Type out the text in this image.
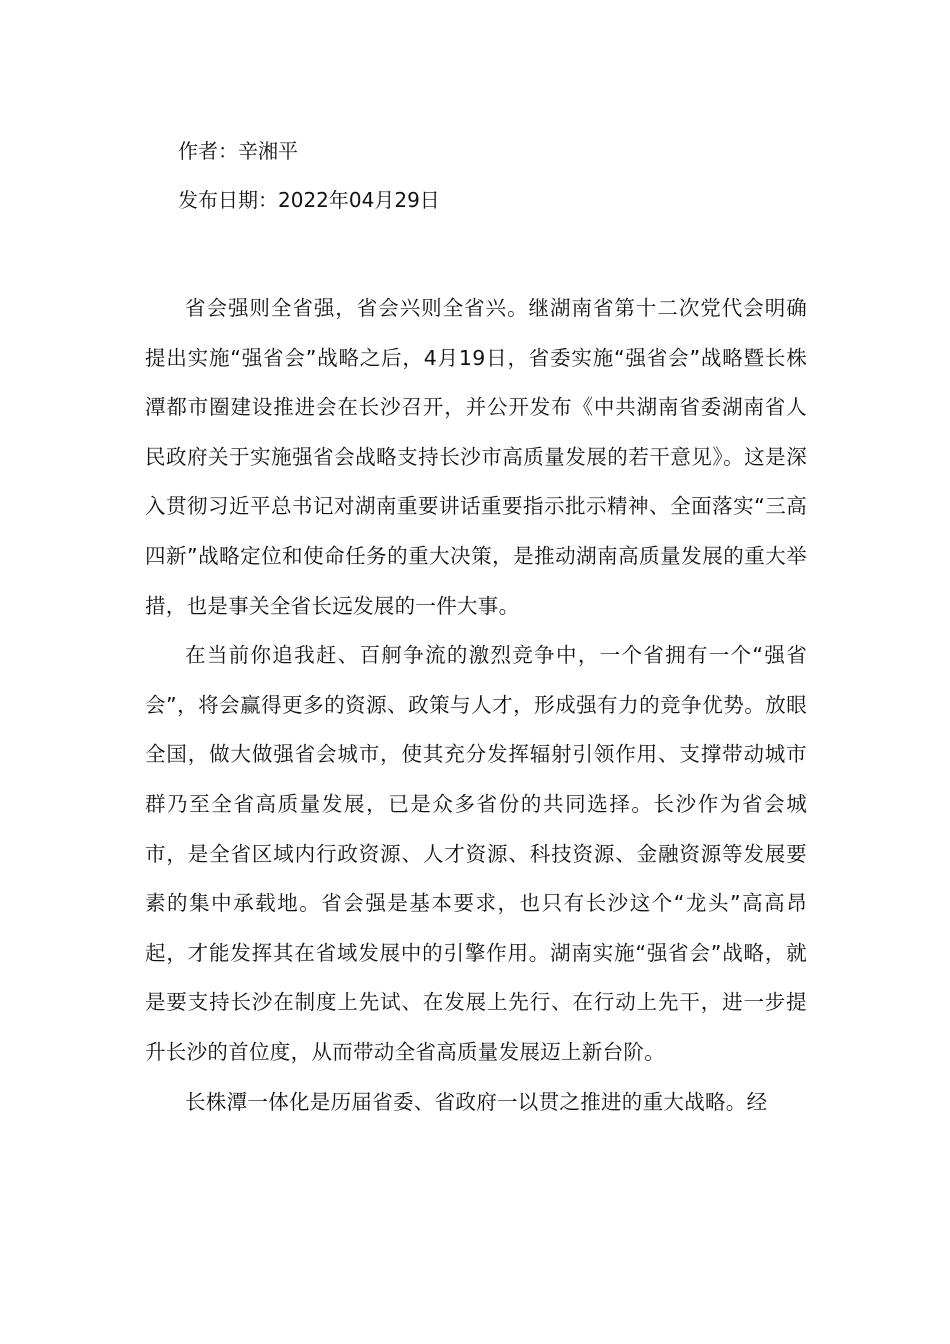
作者：辛湘平
发布日期：2022年04月29日

省会强则全省强，省会兴则全省兴。继湖南省第十二次党代会明确提出实施“强省会”战略之后，4月19日，省委实施“强省会”战略暨长株潭都市圈建设推进会在长沙召开，并公开发布《中共湖南省委湖南省人民政府关于实施强省会战略支持长沙市高质量发展的若干意见》。这是深入贯彻习近平总书记对湖南重要讲话重要指示批示精神、全面落实“三高四新”战略定位和使命任务的重大决策，是推动湖南高质量发展的重大举措，也是事关全省长远发展的一件大事。

在当前你追我赶、百舸争流的激烈竞争中，一个省拥有一个“强省会”，将会赢得更多的资源、政策与人才，形成强有力的竞争优势。放眼全国，做大做强省会城市，使其充分发挥辐射引领作用、支撑带动城市群乃至全省高质量发展，已是众多省份的共同选择。长沙作为省会城市，是全省区域内行政资源、人才资源、科技资源、金融资源等发展要素的集中承载地。省会强是基本要求，也只有长沙这个“龙头”高高昂起，才能发挥其在省域发展中的引擎作用。湖南实施“强省会”战略，就是要支持长沙在制度上先试、在发展上先行、在行动上先干，进一步提升长沙的首位度，从而带动全省高质量发展迈上新台阶。

长株潭一体化是历届省委、省政府一以贯之推进的重大战略。经
